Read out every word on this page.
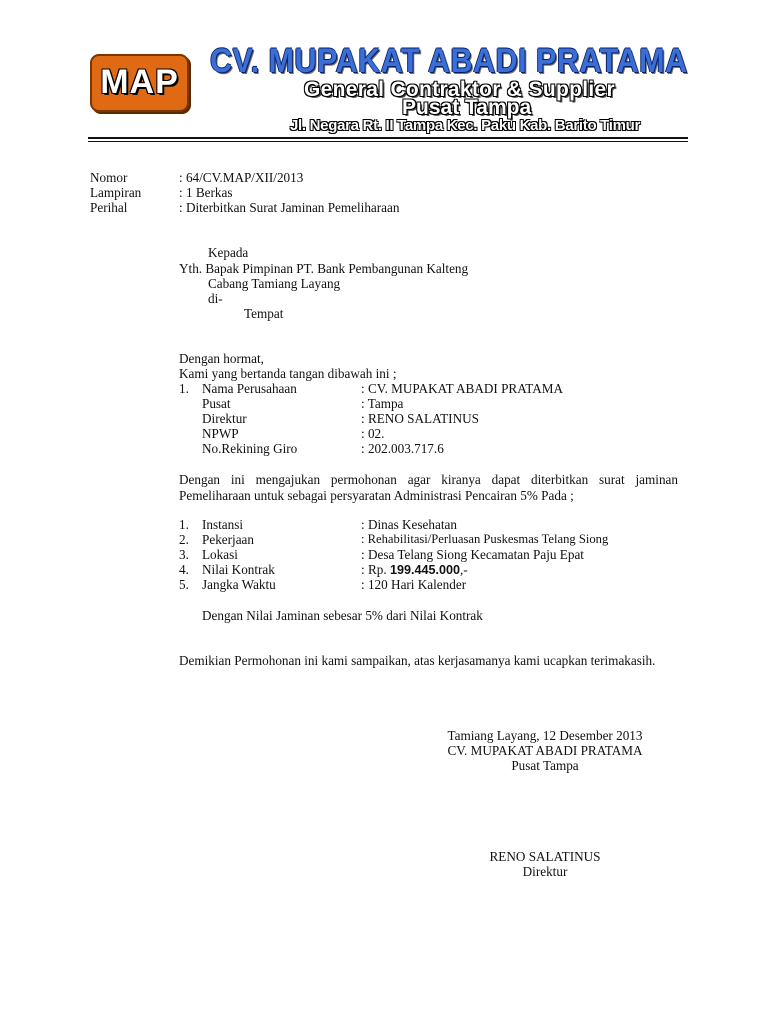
MAP
CV. MUPAKAT ABADI PRATAMA
General Contraktor & Supplier
Pusat Tampa
Jl. Negara Rt. II Tampa Kec. Paku Kab. Barito Timur
Nomor	: 64/CV.MAP/XII/2013
Lampiran	: 1 Berkas
Perihal	: Diterbitkan Surat Jaminan Pemeliharaan
Kepada
Yth. Bapak Pimpinan PT. Bank Pembangunan Kalteng
Cabang Tamiang Layang
di-
Tempat
Dengan hormat,
Kami yang bertanda tangan dibawah ini ;
1. Nama Perusahaan	: CV. MUPAKAT ABADI PRATAMA
Pusat	: Tampa
Direktur	: RENO SALATINUS
NPWP	: 02.
No.Rekining Giro	: 202.003.717.6
Dengan ini mengajukan permohonan agar kiranya dapat diterbitkan surat jaminan Pemeliharaan untuk sebagai persyaratan Administrasi Pencairan 5% Pada ;
1. Instansi	: Dinas Kesehatan
2. Pekerjaan	: Rehabilitasi/Perluasan Puskesmas Telang Siong
3. Lokasi	: Desa Telang Siong Kecamatan Paju Epat
4. Nilai Kontrak	: Rp. 199.445.000,-
5. Jangka Waktu	: 120 Hari Kalender
Dengan Nilai Jaminan sebesar 5% dari Nilai Kontrak
Demikian Permohonan ini kami sampaikan, atas kerjasamanya kami ucapkan terimakasih.
Tamiang Layang, 12 Desember 2013
CV. MUPAKAT ABADI PRATAMA
Pusat Tampa
RENO SALATINUS
Direktur
